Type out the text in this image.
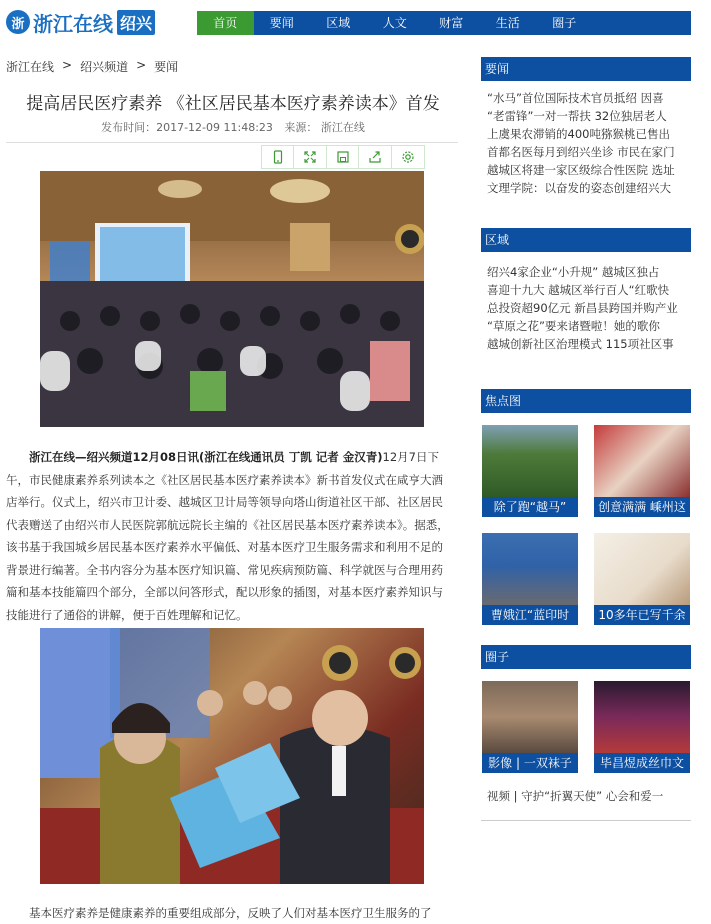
浙 浙江在线 绍兴	首页	要闻	区域	人文	财富	生活	圈子
浙江在线 > 绍兴频道 > 要闻
提高居民医疗素养 《社区居民基本医疗素养读本》首发
发布时间：2017-12-09 11:48:23 来源： 浙江在线
浙江在线—绍兴频道12月08日讯(浙江在线通讯员 丁凯 记者 金汉青)12月7日下午，市民健康素养系列读本之《社区居民基本医疗素养读本》新书首发仪式在咸亨大酒店举行。仪式上，绍兴市卫计委、越城区卫计局等领导向塔山街道社区干部、社区居民代表赠送了由绍兴市人民医院郭航远院长主编的《社区居民基本医疗素养读本》。据悉，该书基于我国城乡居民基本医疗素养水平偏低、对基本医疗卫生服务需求和利用不足的背景进行编著。全书内容分为基本医疗知识篇、常见疾病预防篇、科学就医与合理用药篇和基本技能篇四个部分，全部以问答形式，配以形象的插图，对基本医疗素养知识与技能进行了通俗的讲解，便于百姓理解和记忆。
基本医疗素养是健康素养的重要组成部分，反映了人们对基本医疗卫生服务的了
要闻
“水马”首位国际技术官员抵绍 因喜
“老雷锋”一对一帮扶 32位独居老人
上虞果农滞销的400吨猕猴桃已售出
首都名医每月到绍兴坐诊 市民在家门
越城区将建一家区级综合性医院 选址
文理学院：以奋发的姿态创建绍兴大
区域
绍兴4家企业“小升规” 越城区独占
喜迎十九大 越城区举行百人“红歌快
总投资超90亿元 新昌县跨国并购产业
“草原之花”要来诸暨啦！她的歌你
越城创新社区治理模式 115项社区事
焦点图
除了跑“越马”	创意满满 嵊州这
曹娥江“蓝印时	10多年已写千余
圈子
影像 | 一双袜子	毕昌煜成丝巾文
视频 | 守护“折翼天使” 心会和爱一
